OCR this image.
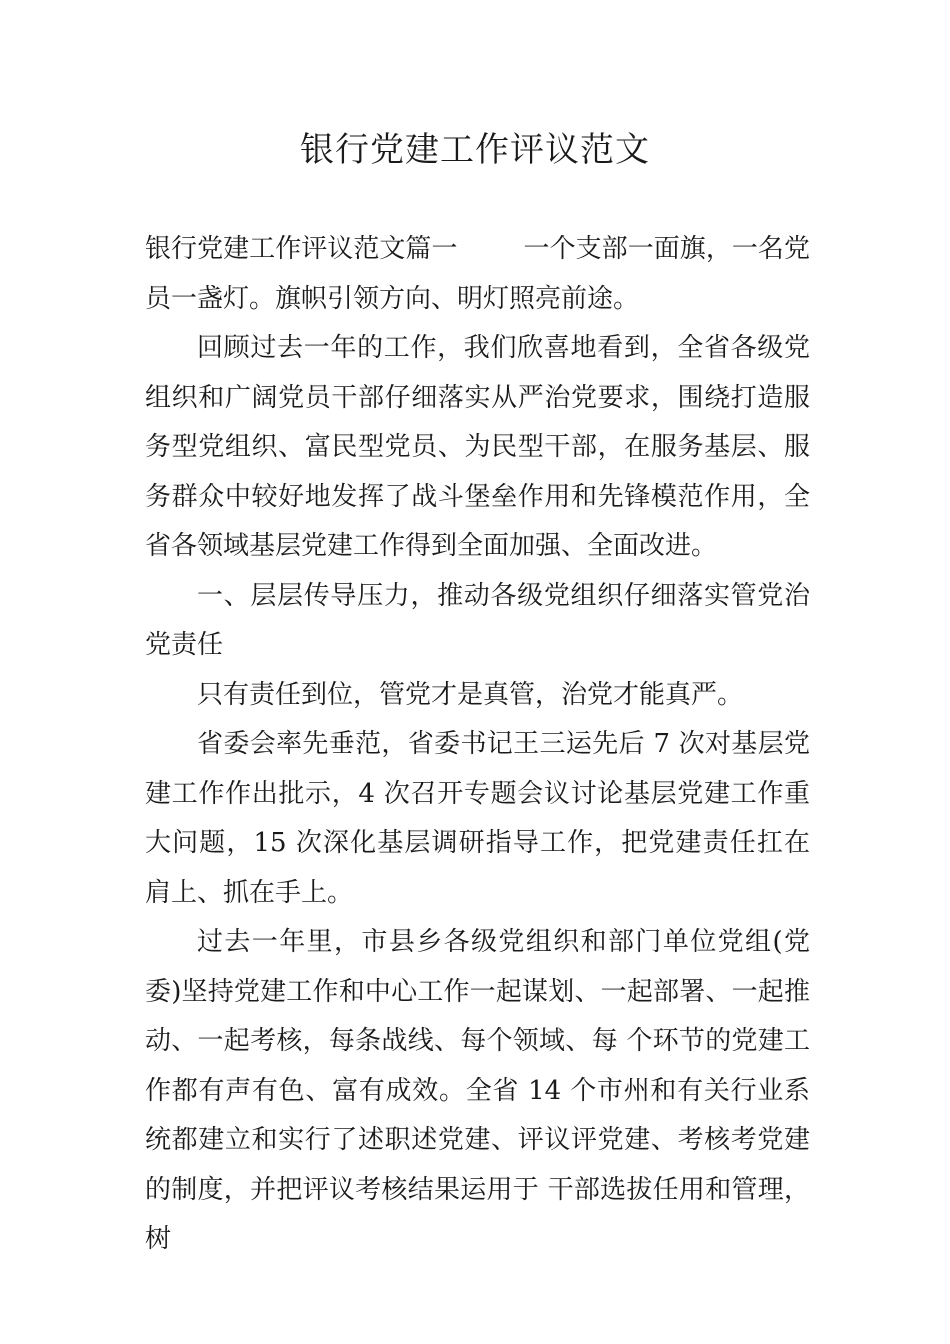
银行党建工作评议范文

银行党建工作评议范文篇一	一个支部一面旗，一名党员一盏灯。旗帜引领方向、明灯照亮前途。

回顾过去一年的工作，我们欣喜地看到，全省各级党组织和广阔党员干部仔细落实从严治党要求，围绕打造服务型党组织、富民型党员、为民型干部，在服务基层、服务群众中较好地发挥了战斗堡垒作用和先锋模范作用，全省各领域基层党建工作得到全面加强、全面改进。

一、层层传导压力，推动各级党组织仔细落实管党治党责任

只有责任到位，管党才是真管，治党才能真严。

省委会率先垂范，省委书记王三运先后 7 次对基层党建工作作出批示，4 次召开专题会议讨论基层党建工作重大问题，15 次深化基层调研指导工作，把党建责任扛在肩上、抓在手上。

过去一年里，市县乡各级党组织和部门单位党组(党委)坚持党建工作和中心工作一起谋划、一起部署、一起推动、一起考核，每条战线、每个领域、每 个环节的党建工作都有声有色、富有成效。全省 14 个市州和有关行业系统都建立和实行了述职述党建、评议评党建、考核考党建的制度，并把评议考核结果运用于 干部选拔任用和管理，树
